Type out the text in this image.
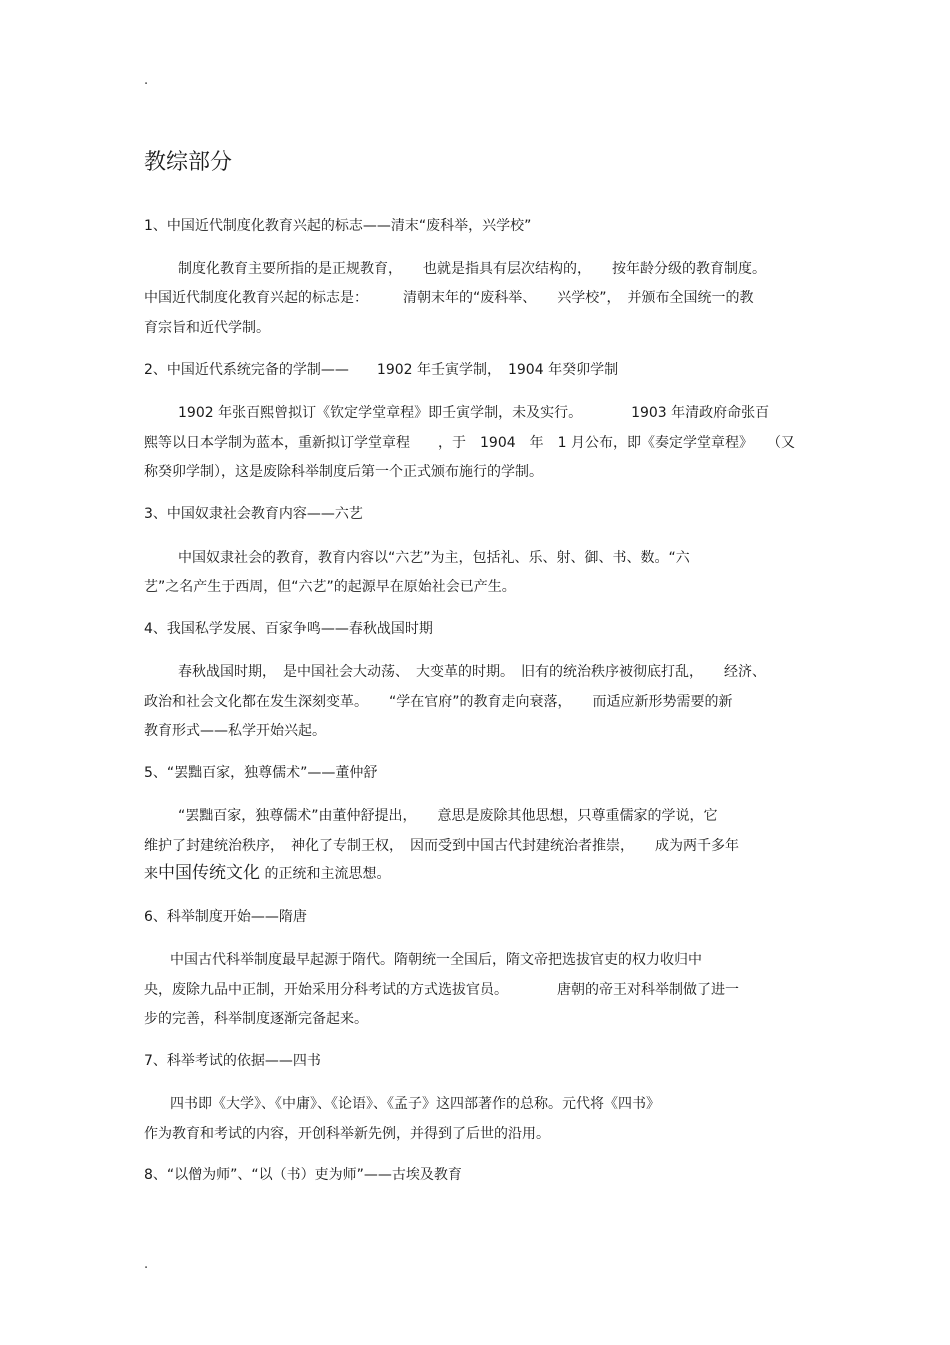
.
教综部分
1、中国近代制度化教育兴起的标志——清末“废科举，兴学校”
制度化教育主要所指的是正规教育，　　也就是指具有层次结构的，　　按年龄分级的教育制度。
中国近代制度化教育兴起的标志是：　　　清朝末年的“废科举、　　兴学校”，　并颁布全国统一的教
育宗旨和近代学制。
2、中国近代系统完备的学制——　　1902 年壬寅学制，　1904 年癸卯学制
1902 年张百熙曾拟订《钦定学堂章程》即壬寅学制，未及实行。　　　　1903 年清政府命张百
熙等以日本学制为蓝本，重新拟订学堂章程　　，于　1904　年　1 月公布，即《奏定学堂章程》　　（又
称癸卯学制），这是废除科举制度后第一个正式颁布施行的学制。
3、中国奴隶社会教育内容——六艺
中国奴隶社会的教育，教育内容以“六艺”为主，包括礼、乐、射、御、书、数。“六
艺”之名产生于西周，但“六艺”的起源早在原始社会已产生。
4、我国私学发展、百家争鸣——春秋战国时期
春秋战国时期，　是中国社会大动荡、　大变革的时期。　旧有的统治秩序被彻底打乱，　　经济、
政治和社会文化都在发生深刻变革。　　“学在官府”的教育走向衰落，　　而适应新形势需要的新
教育形式——私学开始兴起。
5、“罢黜百家，独尊儒术”——董仲舒
“罢黜百家，独尊儒术”由董仲舒提出，　　意思是废除其他思想，只尊重儒家的学说，它
维护了封建统治秩序，　神化了专制王权，　因而受到中国古代封建统治者推崇，　　成为两千多年
来中国传统文化 的正统和主流思想。
6、科举制度开始——隋唐
中国古代科举制度最早起源于隋代。隋朝统一全国后，隋文帝把选拔官吏的权力收归中
央，废除九品中正制，开始采用分科考试的方式选拔官员。　　　　唐朝的帝王对科举制做了进一
步的完善，科举制度逐渐完备起来。
7、科举考试的依据——四书
四书即《大学》、《中庸》、《论语》、《孟子》这四部著作的总称。元代将《四书》
作为教育和考试的内容，开创科举新先例，并得到了后世的沿用。
8、“以僧为师”、“以（书）吏为师”——古埃及教育
.
